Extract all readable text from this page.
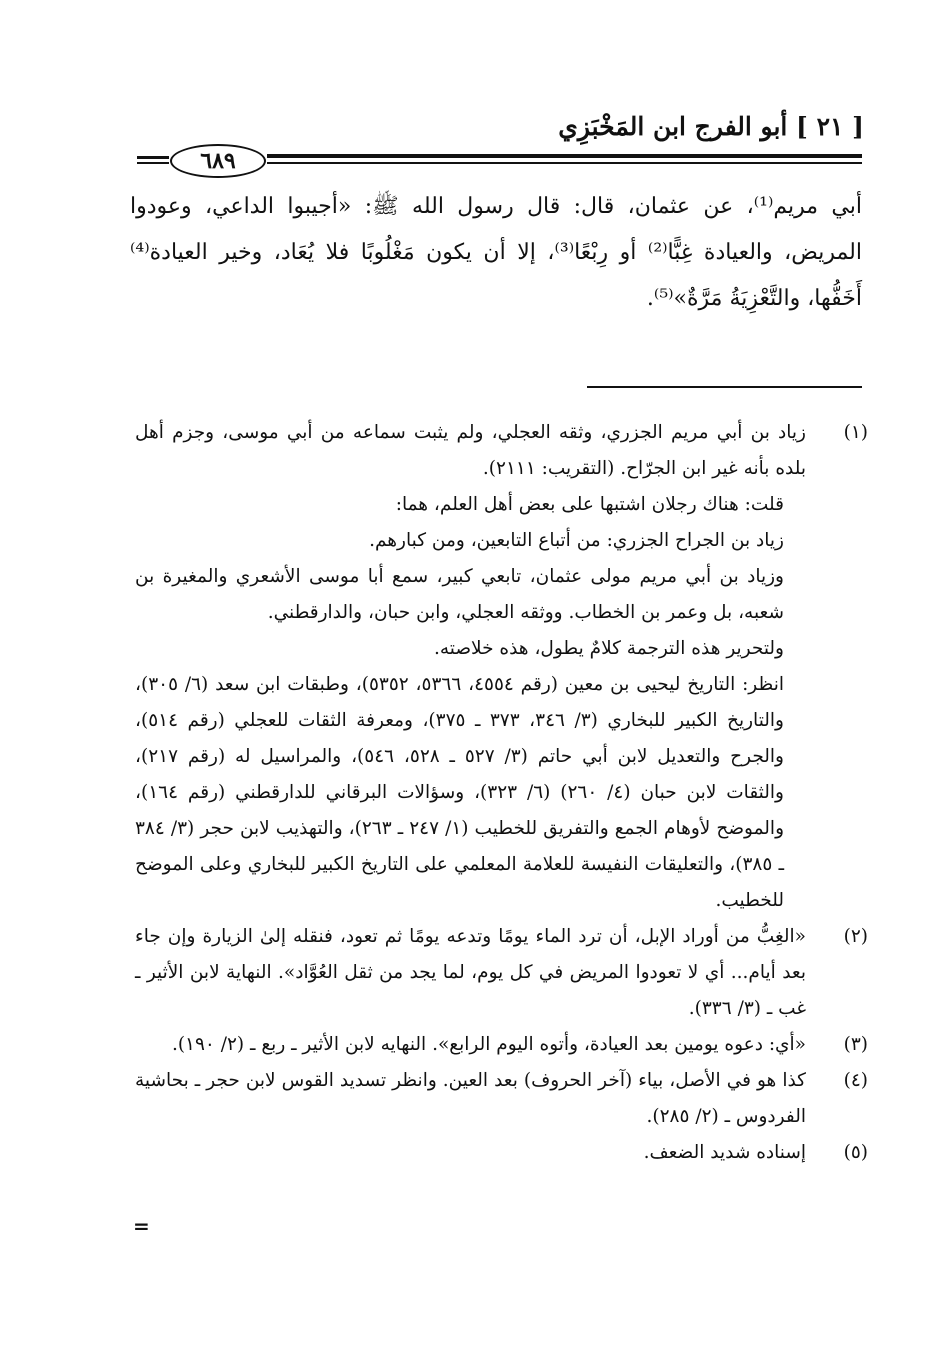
[ ٢١ ] أبو الفرج ابن المَخْبَزِي
٦٨٩

أبي مريم⁽¹⁾، عن عثمان، قال: قال رسول الله ﷺ: «أجيبوا الداعي، وعودوا المريض، والعيادة غِبًّا⁽²⁾ أو رِبْعًا⁽³⁾، إلا أن يكون مَغْلُوبًا فلا يُعَاد، وخير العيادة⁽⁴⁾ أَخَفُّها، والتَّعْزِيَةُ مَرَّةٌ»⁽⁵⁾.

(١)

زياد بن أبي مريم الجزري، وثقه العجلي، ولم يثبت سماعه من أبي موسى، وجزم أهل بلده بأنه غير ابن الجرّاح. (التقريب: ٢١١١).

قلت: هناك رجلان اشتبها على بعض أهل العلم، هما:

زياد بن الجراح الجزري: من أتباع التابعين، ومن كبارهم.

وزياد بن أبي مريم مولى عثمان، تابعي كبير، سمع أبا موسى الأشعري والمغيرة بن شعبه، بل وعمر بن الخطاب. ووثقه العجلي، وابن حبان، والدارقطني.

ولتحرير هذه الترجمة كلامٌ يطول، هذه خلاصته.

انظر: التاريخ ليحيى بن معين (رقم ٤٥٥٤، ٥٣٦٦، ٥٣٥٢)، وطبقات ابن سعد (٦/ ٣٠٥)، والتاريخ الكبير للبخاري (٣/ ٣٤٦، ٣٧٣ ـ ٣٧٥)، ومعرفة الثقات للعجلي (رقم ٥١٤)، والجرح والتعديل لابن أبي حاتم (٣/ ٥٢٧ ـ ٥٢٨، ٥٤٦)، والمراسيل له (رقم ٢١٧)، والثقات لابن حبان (٤/ ٢٦٠) (٦/ ٣٢٣)، وسؤالات البرقاني للدارقطني (رقم ١٦٤)، والموضح لأوهام الجمع والتفريق للخطيب (١/ ٢٤٧ ـ ٢٦٣)، والتهذيب لابن حجر (٣/ ٣٨٤ ـ ٣٨٥)، والتعليقات النفيسة للعلامة المعلمي على التاريخ الكبير للبخاري وعلى الموضح للخطيب.

(٢)

«الغِبُّ من أوراد الإبل، أن ترد الماء يومًا وتدعه يومًا ثم تعود، فنقله إلىٰ الزيارة وإن جاء بعد أيام... أي لا تعودوا المريض في كل يوم، لما يجد من ثقل العُوَّاد». النهاية لابن الأثير ـ غب ـ (٣/ ٣٣٦).

(٣)

«أي: دعوه يومين بعد العيادة، وأتوه اليوم الرابع». النهايه لابن الأثير ـ ربع ـ (٢/ ١٩٠).

(٤)

كذا هو في الأصل، بياء (آخر الحروف) بعد العين. وانظر تسديد القوس لابن حجر ـ بحاشية الفردوس ـ (٢/ ٢٨٥).

(٥)

إسناده شديد الضعف.

=
